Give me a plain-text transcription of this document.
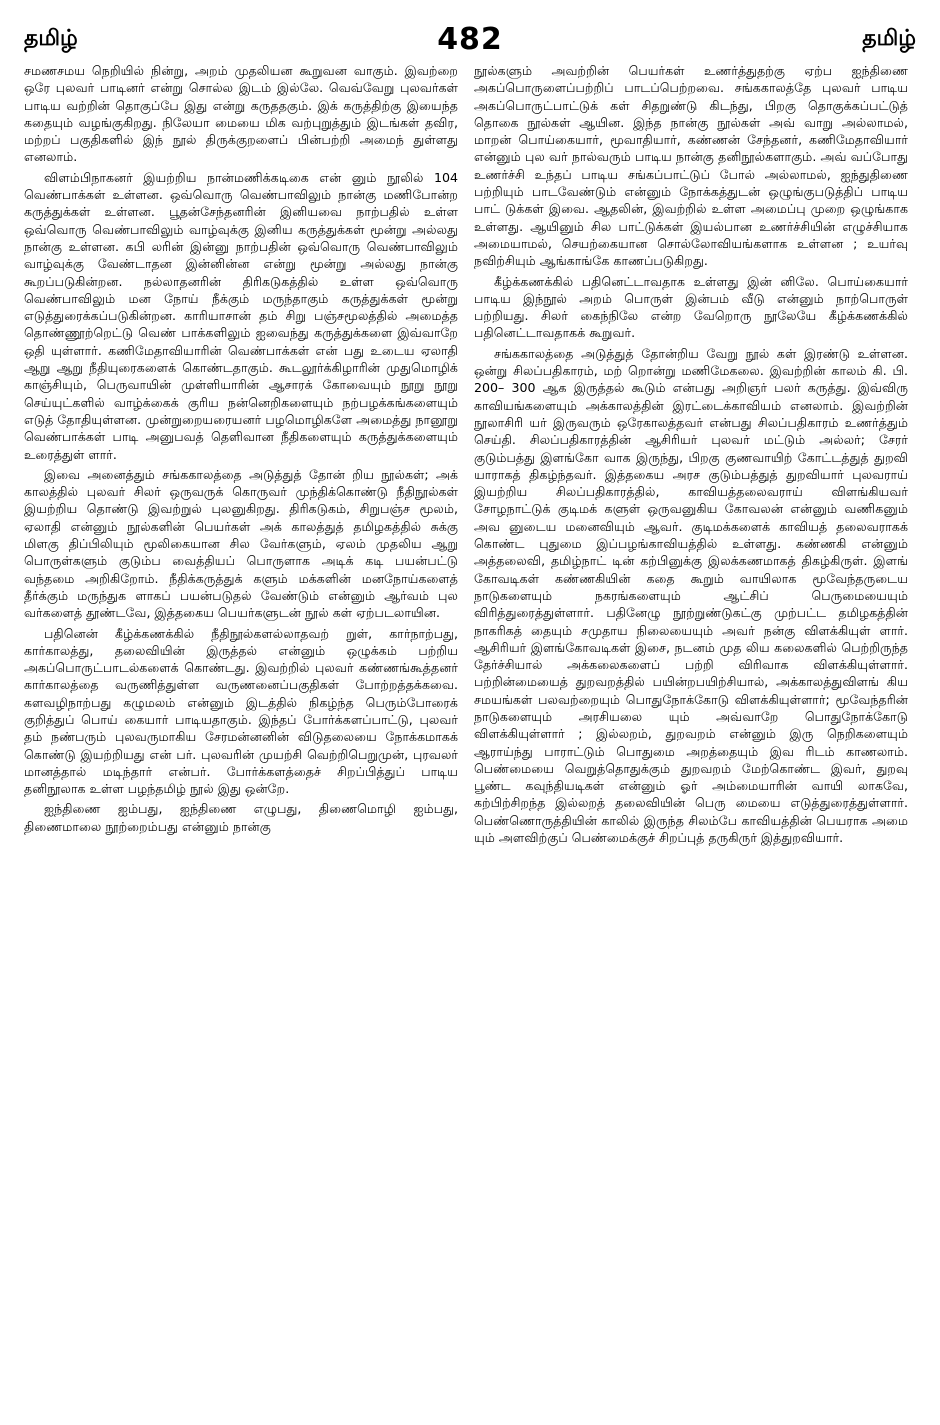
தமிழ்	482	தமிழ்

சமணசமய நெறியில் நின்று, அறம் முதலியன கூறுவன வாகும். இவற்றை ஒரே புலவர் பாடினர் என்று சொல்ல இடம் இல்லே. வெவ்வேறு புலவர்கள் பாடிய வற்றின் தொகுப்பே இது என்று கருததகும். இக் கருத்திற்கு இயைந்த கதையும் வழங்குகிறது. நிலேயா மையை மிக வற்புறுத்தும் இடங்கள் தவிர, மற்றப் பகுதிகளில் இந் நூல் திருக்குறளைப் பின்பற்றி அமைந் துள்ளது எனலாம்.

விளம்பிநாகனர் இயற்றிய நான்மணிக்கடிகை என் னும் நூலில் 104 வெண்பாக்கள் உள்ளன. ஒவ்வொரு வெண்பாவிலும் நான்கு மணிபோன்ற கருத்துக்கள் உள்ளன. பூதன்சேந்தனரின் இனியவை நாற்பதில் உள்ள ஒவ்வொரு வெண்பாவிலும் வாழ்வுக்கு இனிய கருத்துக்கள் மூன்று அல்லது நான்கு உள்ளன. கபி லரின் இன்னு நாற்பதின் ஒவ்வொரு வெண்பாவிலும் வாழ்வுக்கு வேண்டாதன இன்னின்ன என்று மூன்று அல்லது நான்கு கூறப்படுகின்றன. நல்லாதனரின் திரிகடுகத்தில் உள்ள ஒவ்வொரு வெண்பாவிலும் மன நோய் நீக்கும் மருந்தாகும் கருத்துக்கள் மூன்று எடுத்துரைக்கப்படுகின்றன. காரியாசான் தம் சிறு பஞ்சமூலத்தில் அமைத்த தொண்ணூற்றெட்டு வெண் பாக்களிலும் ஐவைந்து கருத்துக்களை இவ்வாறே ஒதி யுள்ளார். கணிமேதாவியாரின் வெண்பாக்கள் என் பது உடைய ஏலாதி ஆறு ஆறு நீதியுரைகளைக் கொண்டதாகும். கூடலூர்க்கிழாரின் முதுமொழிக் காஞ்சியும், பெருவாயின் முள்ளியாரின் ஆசாரக் கோவையும் நூறு நூறு செய்யுட்களில் வாழ்க்கைக் குரிய நன்னெறிகளையும் நற்பழக்கங்களையும் எடுத் தோதியுள்ளன. முன்றுறையரையனர் பழமொழிகளே அமைத்து நானூறு வெண்பாக்கள் பாடி அனுபவத் தெளிவான நீதிகளையும் கருத்துக்களையும் உரைத்துள் ளார்.

இவை அனைத்தும் சங்ககாலத்தை அடுத்துத் தோன் றிய நூல்கள்; அக் காலத்தில் புலவர் சிலர் ஒருவருக் கொருவர் முந்திக்கொண்டு நீதிநூல்கள் இயற்றிய தொண்டு இவற்றுல் புலனுகிறது. திரிகடுகம், சிறுபஞ்ச மூலம், ஏலாதி என்னும் நூல்களின் பெயர்கள் அக் காலத்துத் தமிழகத்தில் சுக்கு மிளகு திப்பிலியும் மூலிகையான சில வேர்களும், ஏலம் முதலிய ஆறு பொருள்களும் குடும்ப வைத்தியப் பொருளாக அடிக் கடி பயன்பட்டு வந்தமை அறிகிறோம். நீதிக்கருத்துக் களும் மக்களின் மனநோய்களைத் தீர்க்கும் மருந்துக ளாகப் பயன்படுதல் வேண்டும் என்னும் ஆர்வம் புல வர்களைத் தூண்டவே, இத்தகைய பெயர்களுடன் நூல் கள் ஏற்படலாயின.

பதினென் கீழ்க்கணக்கில் நீதிநூல்களல்லாதவற் றுள், கார்நாற்பது, கார்காலத்து, தலைவியின் இருத்தல் என்னும் ஒழுக்கம் பற்றிய அகப்பொருட்பாடல்களைக் கொண்டது. இவற்றில் புலவர் கண்ணங்கூத்தனர் கார்காலத்தை வருணித்துள்ள வருணனைப்பகுதிகள் போற்றத்தக்கவை. களவழிநாற்பது கழுமலம் என்னும் இடத்தில் நிகழ்ந்த பெரும்போரைக் குறித்துப் பொய் கையார் பாடியதாகும். இந்தப் போர்க்களப்பாட்டு, புலவர் தம் நண்பரும் புலவருமாகிய சேரமன்னனின் விடுதலையை நோக்கமாகக் கொண்டு இயற்றியது என் பர். புலவரின் முயற்சி வெற்றிபெறுமுன், புரவலர் மானத்தால் மடிந்தார் என்பர். போர்க்களத்தைச் சிறப்பித்துப் பாடிய தனிநூலாக உள்ள பழந்தமிழ் நூல் இது ஒன்றே.

ஐந்திணை ஐம்பது, ஐந்திணை எழுபது, திணைமொழி ஐம்பது, திணைமாலை நூற்றைம்பது என்னும் நான்கு

நூல்களும் அவற்றின் பெயர்கள் உணர்த்துதற்கு ஏற்ப ஐந்திணை அகப்பொருளைப்பற்றிப் பாடப்பெற்றவை. சங்ககாலத்தே புலவர் பாடிய அகப்பொருட்பாட்டுக் கள் சிதறுண்டு கிடந்து, பிறகு தொகுக்கப்பட்டுத் தொகை நூல்கள் ஆயின. இந்த நான்கு நூல்கள் அவ் வாறு அல்லாமல், மாறன் பொய்கையார், மூவாதியார், கண்ணன் சேந்தனர், கணிமேதாவியார் என்னும் புல வர் நால்வரும் பாடிய நான்கு தனிநூல்களாகும். அவ் வப்போது உணர்ச்சி உந்தப் பாடிய சங்கப்பாட்டுப் போல் அல்லாமல், ஐந்துதிணை பற்றியும் பாடவேண்டும் என்னும் நோக்கத்துடன் ஒழுங்குபடுத்திப் பாடிய பாட் டுக்கள் இவை. ஆதலின், இவற்றில் உள்ள அமைப்பு முறை ஒழுங்காக உள்ளது. ஆயினும் சில பாட்டுக்கள் இயல்பான உணர்ச்சியின் எழுச்சியாக அமையாமல், செயற்கையான சொல்லோவியங்களாக உள்ளன ; உயர்வு நவிற்சியும் ஆங்காங்கே காணப்படுகிறது.

கீழ்க்கணக்கில் பதினெட்டாவதாக உள்ளது இன் னிலே. பொய்கையார் பாடிய இந்நூல் அறம் பொருள் இன்பம் வீடு என்னும் நாற்பொருள் பற்றியது. சிலர் கைந்நிலே என்ற வேறொரு நூலேயே கீழ்க்கணக்கில் பதினெட்டாவதாகக் கூறுவர்.

சங்ககாலத்தை அடுத்துத் தோன்றிய வேறு நூல் கள் இரண்டு உள்ளன. ஒன்று சிலப்பதிகாரம், மற் றொன்று மணிமேகலை. இவற்றின் காலம் கி. பி. 200– 300 ஆக இருத்தல் கூடும் என்பது அறிஞர் பலர் கருத்து. இவ்விரு காவியங்களையும் அக்காலத்தின் இரட்டைக்காவியம் எனலாம். இவற்றின் நூலாசிரி யர் இருவரும் ஒரேகாலத்தவர் என்பது சிலப்பதிகாரம் உணர்த்தும் செய்தி. சிலப்பதிகாரத்தின் ஆசிரியர் புலவர் மட்டும் அல்லர்; சேரர் குடும்பத்து இளங்கோ வாக இருந்து, பிறகு குணவாயிற் கோட்டத்துத் துறவி யாராகத் திகழ்ந்தவர். இத்தகைய அரச குடும்பத்துத் துறவியார் புலவராய் இயற்றிய சிலப்பதிகாரத்தில், காவியத்தலைவராய் விளங்கியவர் சோழநாட்டுக் குடிமக் களுள் ஒருவனுகிய கோவலன் என்னும் வணிகனும் அவ னுடைய மனைவியும் ஆவர். குடிமக்களைக் காவியத் தலைவராகக் கொண்ட புதுமை இப்பழங்காவியத்தில் உள்ளது. கண்ணகி என்னும் அத்தலைவி, தமிழ்நாட் டின் கற்பினுக்கு இலக்கணமாகத் திகழ்கிருள். இளங் கோவடிகள் கண்ணகியின் கதை கூறும் வாயிலாக மூவேந்தருடைய நாடுகளையும் நகரங்களையும் ஆட்சிப் பெருமையையும் விரித்துரைத்துள்ளார். பதினேழு நூற்றுண்டுகட்கு முற்பட்ட தமிழகத்தின் நாகரிகத் தையும் சமுதாய நிலையையும் அவர் நன்கு விளக்கியுள் ளார். ஆசிரியர் இளங்கோவடிகள் இசை, நடனம் முத லிய கலைகளில் பெற்றிருந்த தேர்ச்சியால் அக்கலைகளைப் பற்றி விரிவாக விளக்கியுள்ளார். பற்றின்மையைத் துறவறத்தில் பயின்றபயிற்சியால், அக்காலத்துவிளங் கிய சமயங்கள் பலவற்றையும் பொதுநோக்கோடு விளக்கியுள்ளார்; மூவேந்தரின் நாடுகளையும் அரசியலை யும் அவ்வாறே பொதுநோக்கோடு விளக்கியுள்ளார் ; இல்லறம், துறவறம் என்னும் இரு நெறிகளையும் ஆராய்ந்து பாராட்டும் பொதுமை அறத்தையும் இவ ரிடம் காணலாம். பெண்மையை வெறுத்தொதுக்கும் துறவறம் மேற்கொண்ட இவர், துறவு பூண்ட கவுந்தியடிகள் என்னும் ஓர் அம்மையாரின் வாயி லாகவே, கற்பிற்சிறந்த இல்லறத் தலைவியின் பெரு மையை எடுத்துரைத்துள்ளார். பெண்ணொருத்தியின் காலில் இருந்த சிலம்பே காவியத்தின் பெயராக அமை யும் அளவிற்குப் பெண்மைக்குச் சிறப்புத் தருகிருர் இத்துறவியார்.
